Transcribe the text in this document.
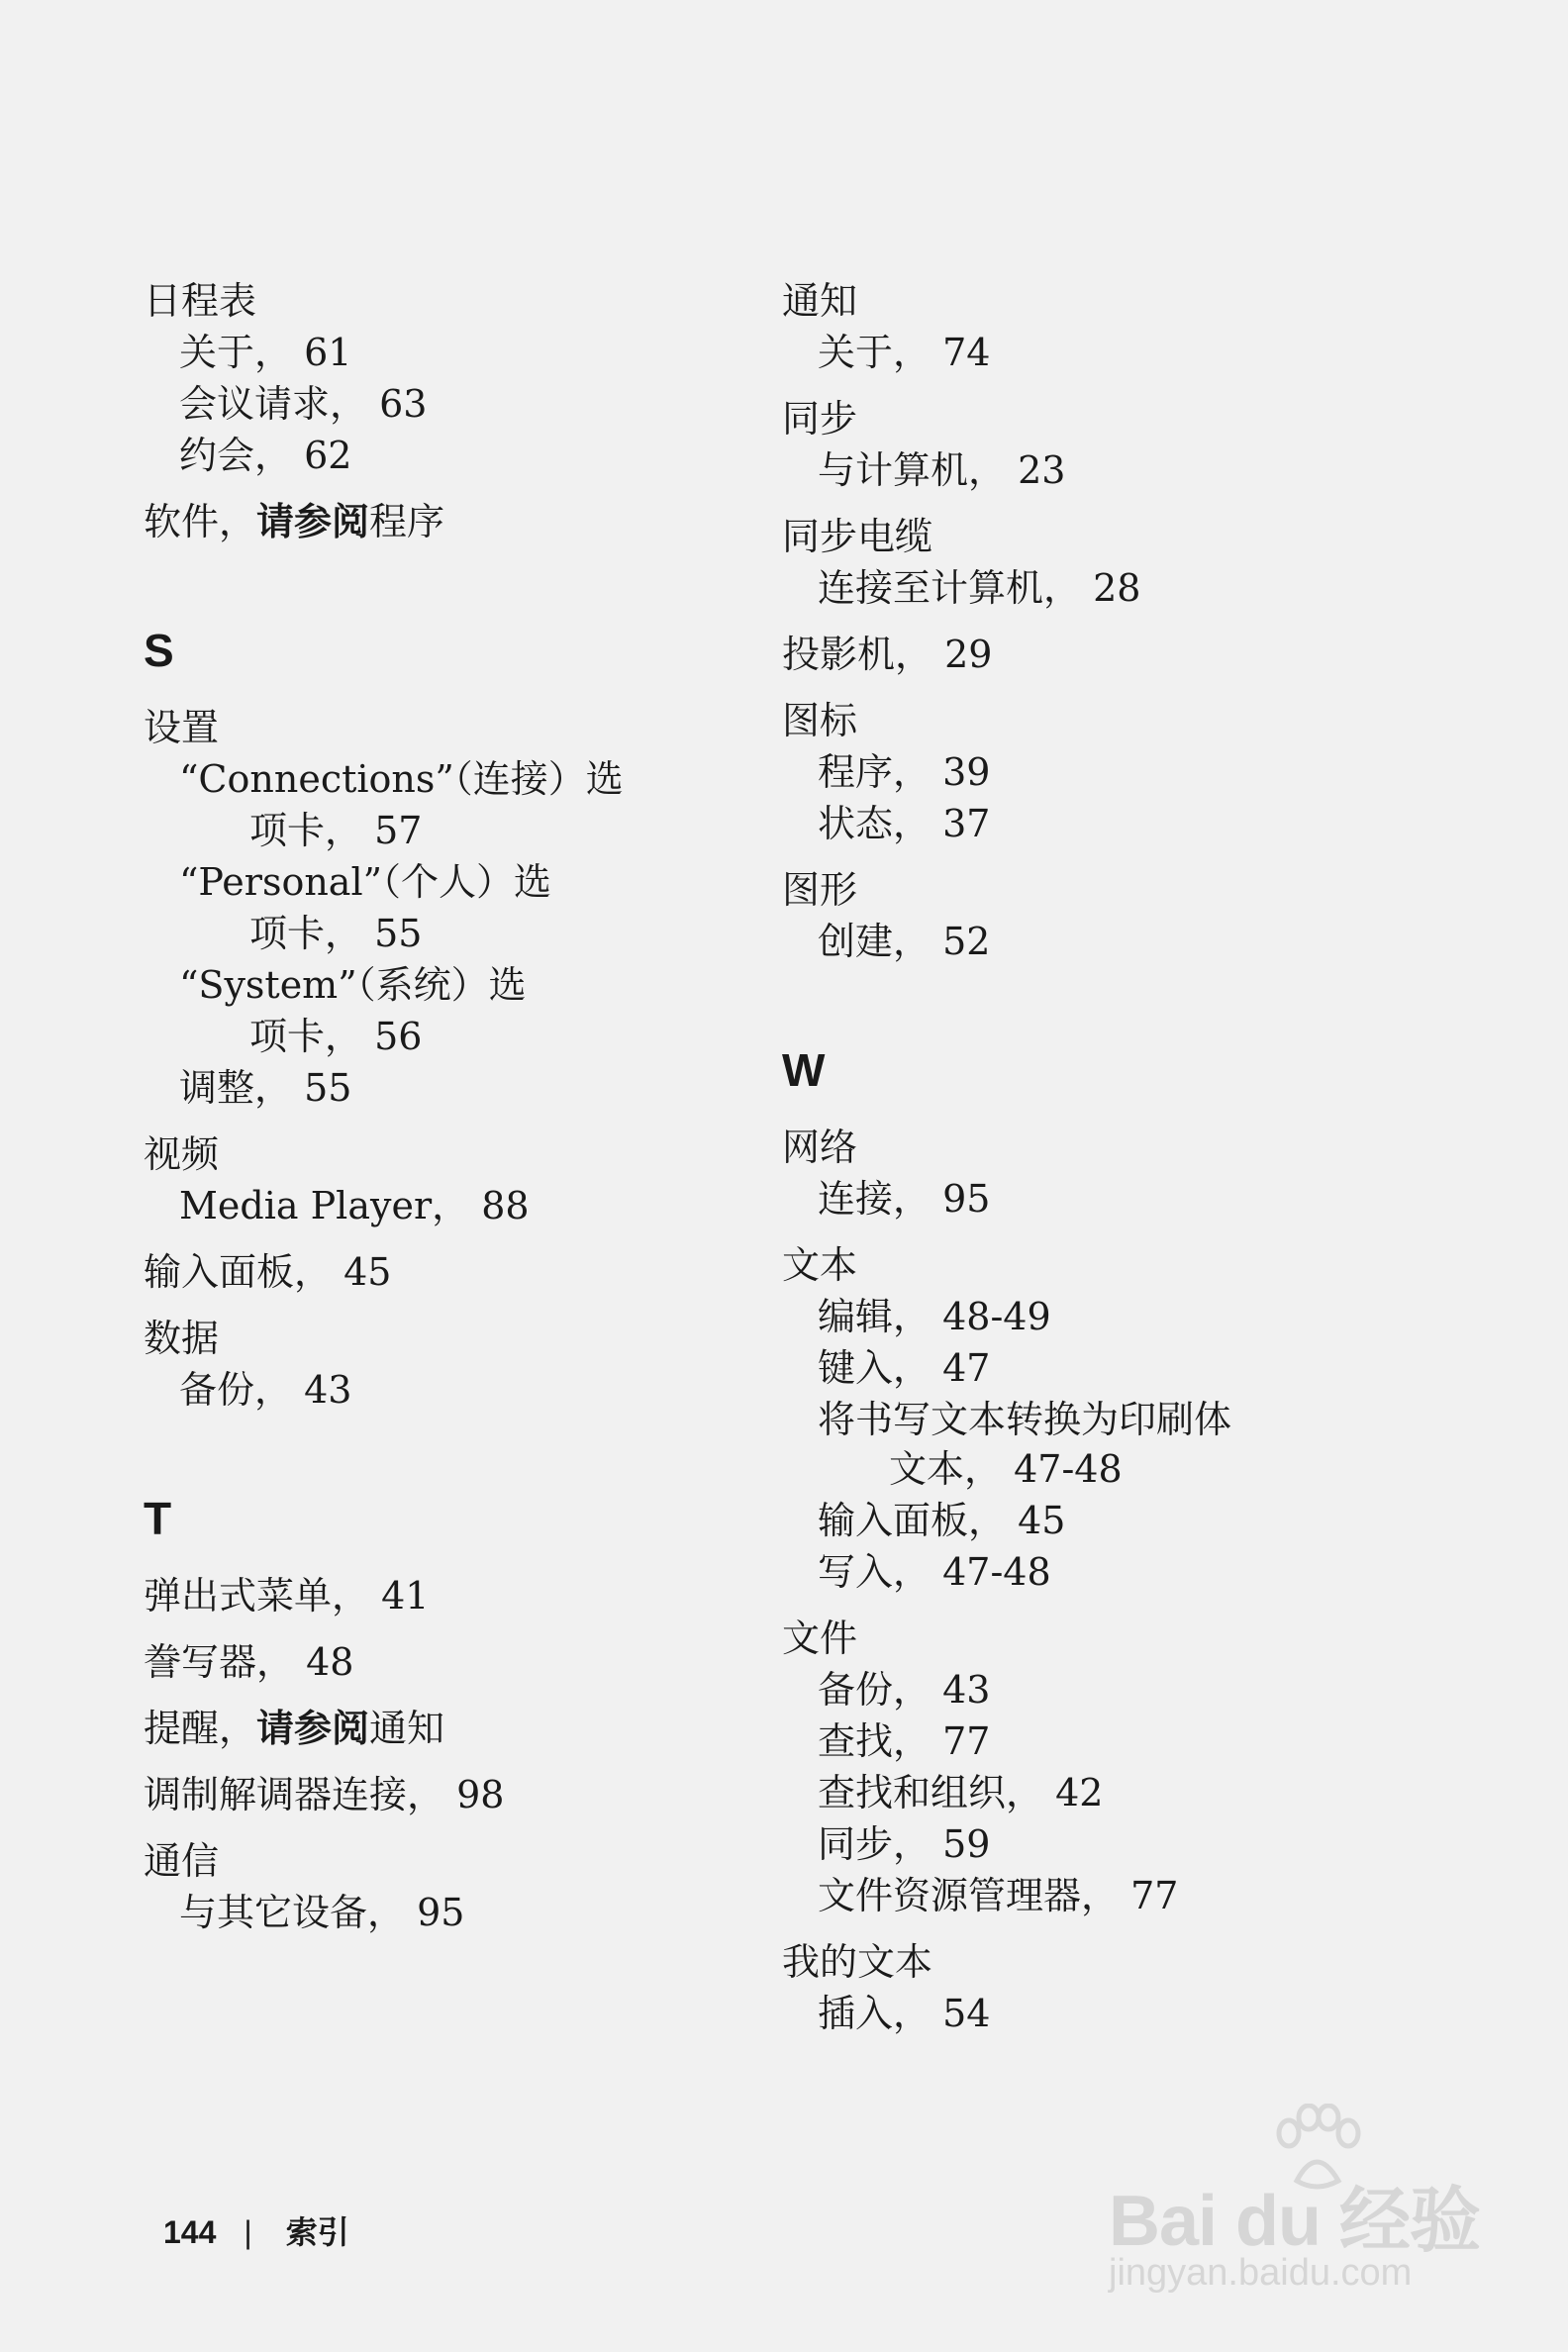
日程表
关于， 61
会议请求， 63
约会， 62
软件，请参阅程序
S
设置
“Connections”（连接）选
项卡， 57
“Personal”（个人）选
项卡， 55
“System”（系统）选
项卡， 56
调整， 55
视频
Media Player， 88
输入面板， 45
数据
备份， 43
T
弹出式菜单， 41
誊写器， 48
提醒，请参阅通知
调制解调器连接， 98
通信
与其它设备， 95
通知
关于， 74
同步
与计算机， 23
同步电缆
连接至计算机， 28
投影机， 29
图标
程序， 39
状态， 37
图形
创建， 52
W
网络
连接， 95
文本
编辑， 48-49
键入， 47
将书写文本转换为印刷体
文本， 47-48
输入面板， 45
写入， 47-48
文件
备份， 43
查找， 77
查找和组织， 42
同步， 59
文件资源管理器， 77
我的文本
插入， 54
144 | 索引	Bai du 经验
jingyan.baidu.com
